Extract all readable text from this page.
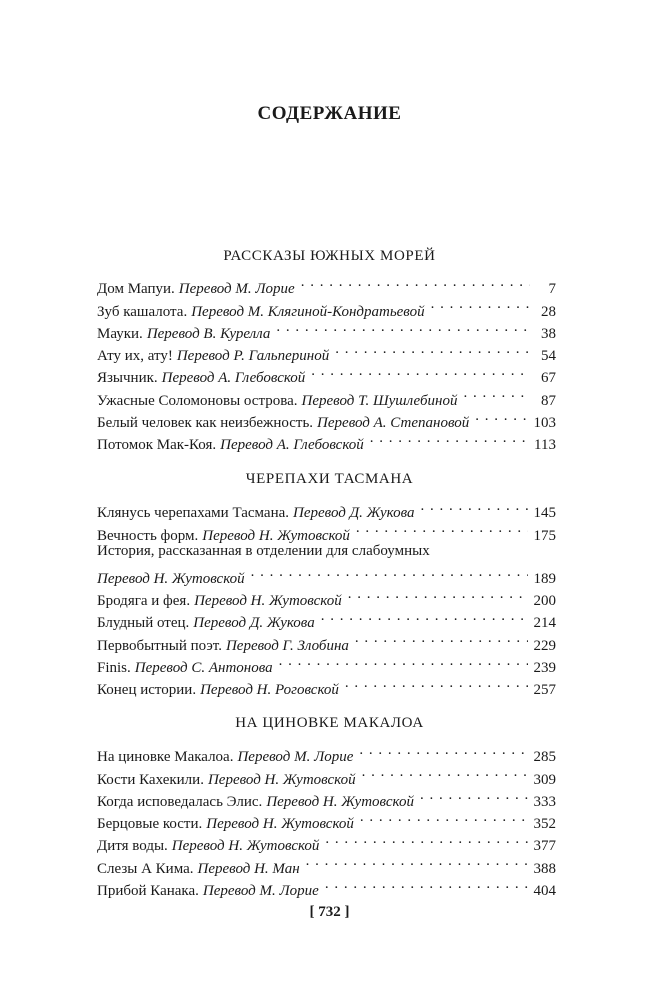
СОДЕРЖАНИЕ
РАССКАЗЫ ЮЖНЫХ МОРЕЙ
Дом Мапуи. Перевод М. Лорие . . .	7
Зуб кашалота. Перевод М. Клягиной-Кондратьевой . . .	28
Мауки. Перевод В. Курелла . . .	38
Ату их, ату! Перевод Р. Гальпериной . . .	54
Язычник. Перевод А. Глебовской . . .	67
Ужасные Соломоновы острова. Перевод Т. Шушлебиной . . .	87
Белый человек как неизбежность. Перевод А. Степановой . . .	103
Потомок Мак-Коя. Перевод А. Глебовской . . .	113
ЧЕРЕПАХИ ТАСМАНА
Клянусь черепахами Тасмана. Перевод Д. Жукова . . .	145
Вечность форм. Перевод Н. Жутовской . . .	175
История, рассказанная в отделении для слабоумных
Перевод Н. Жутовской . . .	189
Бродяга и фея. Перевод Н. Жутовской . . .	200
Блудный отец. Перевод Д. Жукова . . .	214
Первобытный поэт. Перевод Г. Злобина . . .	229
Finis. Перевод С. Антонова . . .	239
Конец истории. Перевод Н. Роговской . . .	257
НА ЦИНОВКЕ МАКАЛОА
На циновке Макалоа. Перевод М. Лорие . . .	285
Кости Кахекили. Перевод Н. Жутовской . . .	309
Когда исповедалась Элис. Перевод Н. Жутовской . . .	333
Берцовые кости. Перевод Н. Жутовской . . .	352
Дитя воды. Перевод Н. Жутовской . . .	377
Слезы А Кима. Перевод Н. Ман . . .	388
Прибой Канака. Перевод М. Лорие . . .	404
[ 732 ]
